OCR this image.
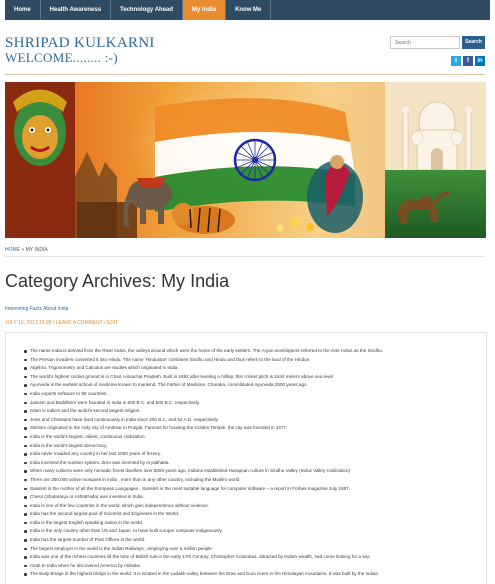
Home	Health Awareness	Technology Ahead	My India	Know Me
SHRIPAD KULKARNI
WELCOME........ :-)
Search
Search
t	f	in
HOME » MY INDIA
Category Archives: My India
Interesting Facts About India
JULY 10, 2013 15:28 / LEAVE A COMMENT / EDIT
The name India is derived from the River Indus, the valleys around which were the home of the early settlers. The Aryan worshippers referred to the river Indus as the Sindhu.
The Persian invaders converted it into Hindu. The name 'Hindustan' combines Sindhu and Hindu and thus refers to the land of the Hindus
Algebra, Trigonometry and Calculus are studies which originated in India.
The world's highest cricket ground is in Chail, Himachal Pradesh. Built in 1893 after leveling a hilltop, this cricket pitch is 2444 meters above sea level
Ayurveda is the earliest school of medicine known to mankind. The Father of Medicine, Charaka, consolidated Ayurveda 2500 years ago.
India exports software to 90 countries.
Jainism and Buddhism were founded in India in 600 B.C. and 500 B.C. respectively.
Islam is India's and the world's second largest religion.
Jews and Christians have lived continuously in India since 200 B.C. and 52 A.D. respectively
Sikhism originated in the Holy city of Amritsar in Punjab. Famous for housing the Golden Temple, the city was founded in 1577.
India is the world's largest, oldest, continuous civilization.
India is the world's largest democracy.
India never invaded any country in her last 1000 years of history.
India invented the number system. Zero was invented by Aryabhatta.
When many cultures were only nomadic forest dwellers over 5000 years ago, Indians established Harappan culture in Sindhu Valley (Indus Valley Civilization)
There are 300,000 active mosques in India , more than in any other country, including the Muslim world
Sanskrit is the mother of all the European Languages . Sanskrit is the most suitable language for computer software – a report in Forbes magazine July 1987.
Chess (Shataranja or AshtaPada) was invented in India.
India is one of the few countries in the world, which gain independence without violence.
India has the second largest pool of Scientist and Engineers in the World.
India is the largest English speaking nation in the world.
India is the only country other than US and Japan, to have built a super computer indigenously.
India has the largest number of Post Offices in the world.
The largest employer in the world is the Indian Railways , employing over a million people
India was one of the richest countries till the time of British rule in the early 17th Century. Christopher Columbus, attracted by India's wealth, had come looking for a sea
route to India when he discovered America by mistake.
The Baily Bridge is the highest bridge in the world. It is located in the Ladakh valley between the Dras and Suru rivers in the Himalayan mountains. It was built by the Indian
